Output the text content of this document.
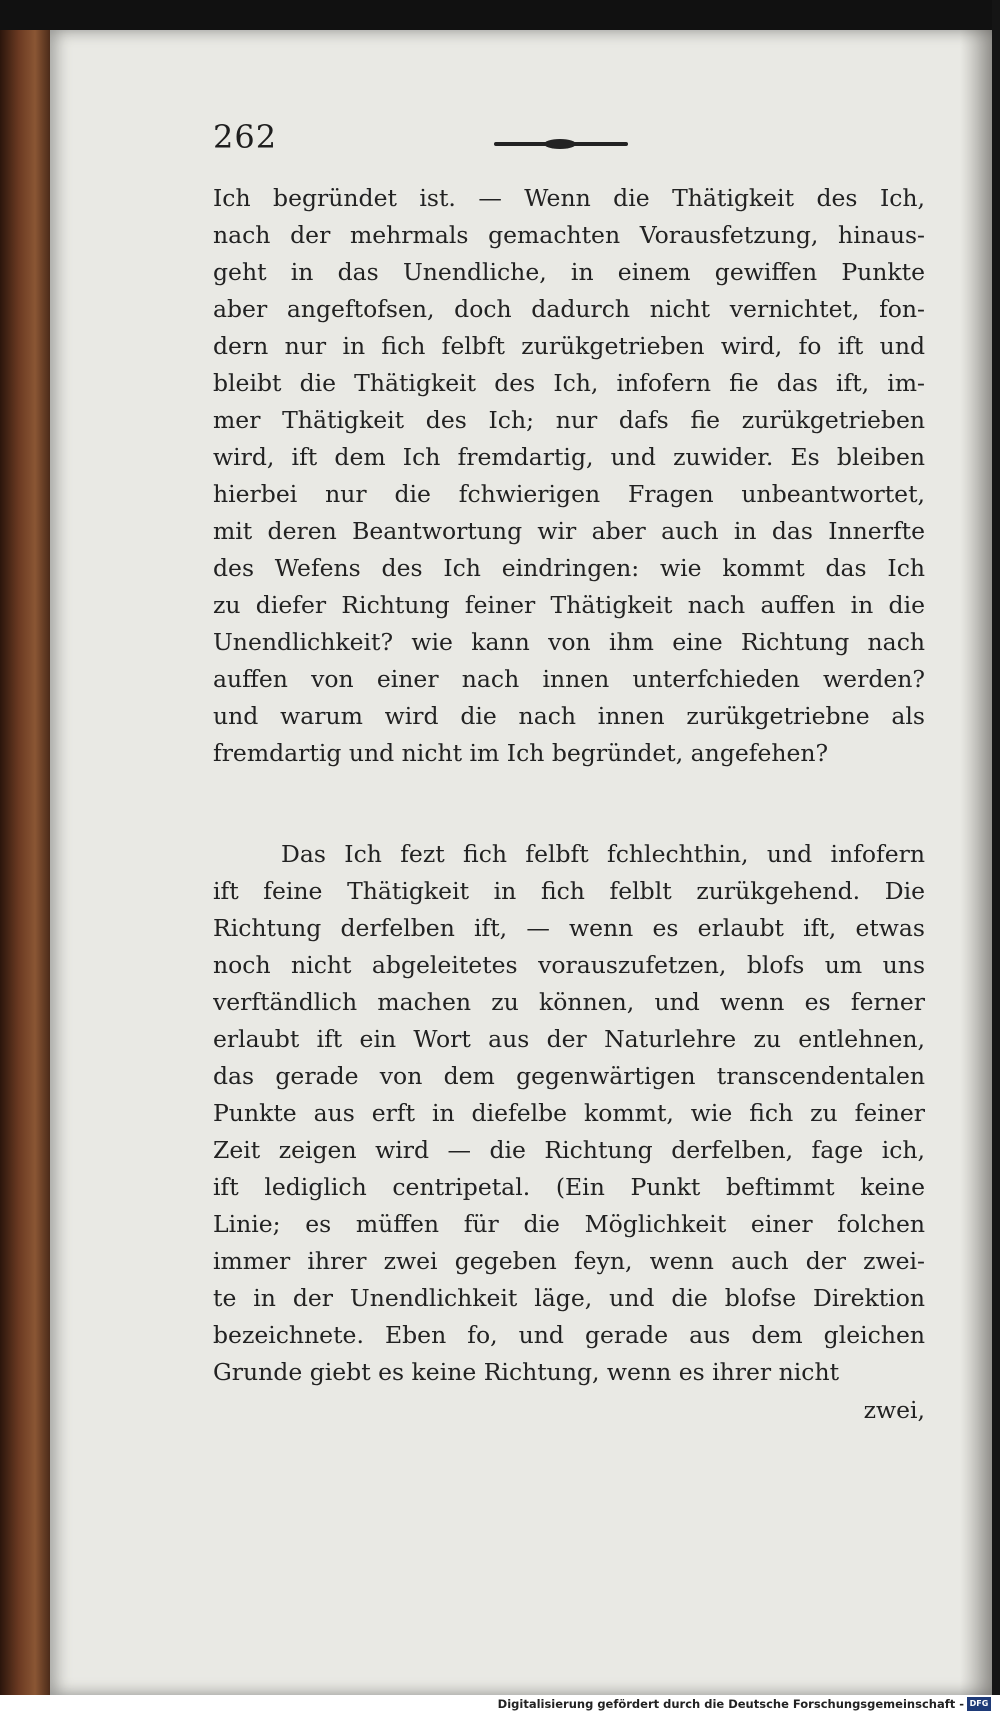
262
Ich begründet ist. — Wenn die Thätigkeit des Ich,
nach der mehrmals gemachten Vorausfetzung, hinaus-
geht in das Unendliche, in einem gewiffen Punkte
aber angeftofsen, doch dadurch nicht vernichtet, fon-
dern nur in fich felbft zurükgetrieben wird, fo ift und
bleibt die Thätigkeit des Ich, infofern fie das ift, im-
mer Thätigkeit des Ich; nur dafs fie zurükgetrieben
wird, ift dem Ich fremdartig, und zuwider. Es bleiben
hierbei nur die fchwierigen Fragen unbeantwortet,
mit deren Beantwortung wir aber auch in das Innerfte
des Wefens des Ich eindringen: wie kommt das Ich
zu diefer Richtung feiner Thätigkeit nach auffen in die
Unendlichkeit? wie kann von ihm eine Richtung nach
auffen von einer nach innen unterfchieden werden?
und warum wird die nach innen zurükgetriebne als
fremdartig und nicht im Ich begründet, angefehen?
Das Ich fezt fich felbft fchlechthin, und infofern
ift feine Thätigkeit in fich felblt zurükgehend. Die
Richtung derfelben ift, — wenn es erlaubt ift, etwas
noch nicht abgeleitetes vorauszufetzen, blofs um uns
verftändlich machen zu können, und wenn es ferner
erlaubt ift ein Wort aus der Naturlehre zu entlehnen,
das gerade von dem gegenwärtigen transcendentalen
Punkte aus erft in diefelbe kommt, wie fich zu feiner
Zeit zeigen wird — die Richtung derfelben, fage ich,
ift lediglich centripetal. (Ein Punkt beftimmt keine
Linie; es müffen für die Möglichkeit einer folchen
immer ihrer zwei gegeben feyn, wenn auch der zwei-
te in der Unendlichkeit läge, und die blofse Direktion
bezeichnete. Eben fo, und gerade aus dem gleichen
Grunde giebt es keine Richtung, wenn es ihrer nicht
zwei,
Digitalisierung gefördert durch die Deutsche Forschungsgemeinschaft - DFG
